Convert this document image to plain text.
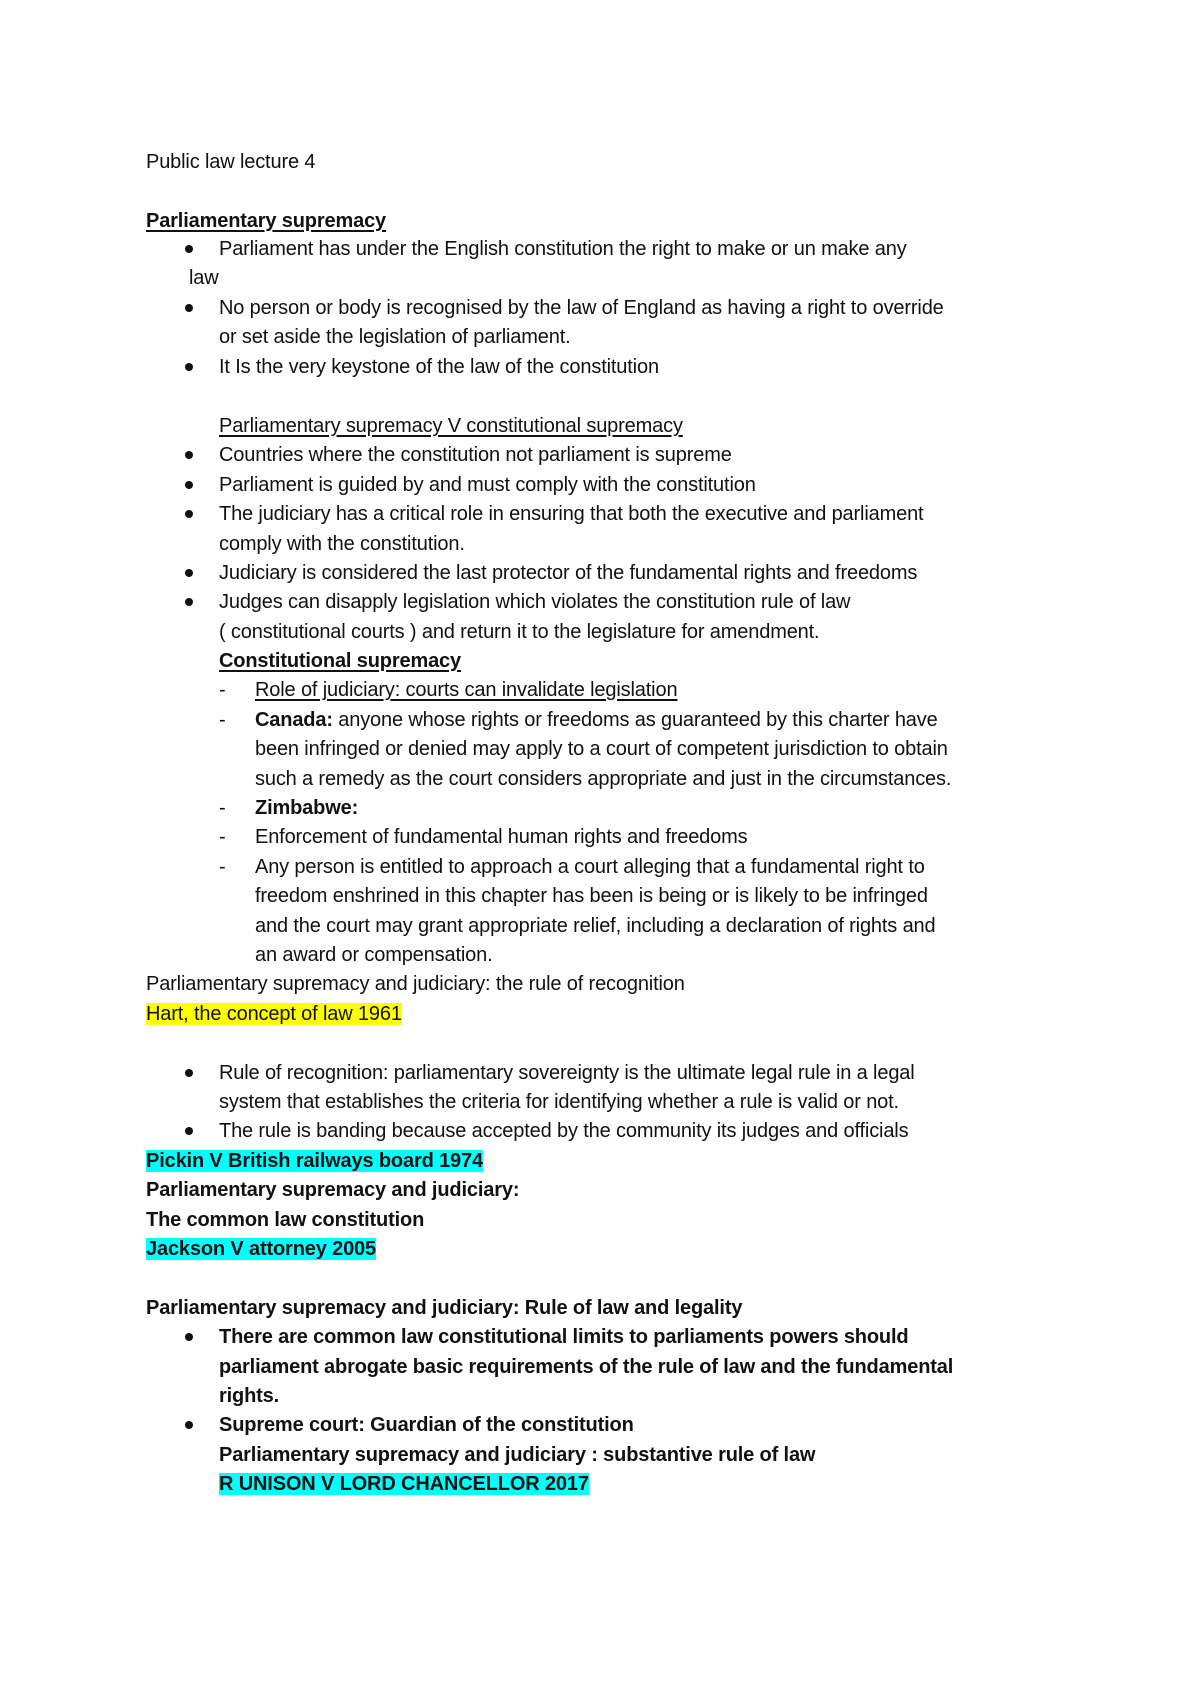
Public law lecture 4
Parliamentary supremacy
Parliament has under the English constitution the right to make or un make any
law
No person or body is recognised by the law of England as having a right to override
or set aside the legislation of parliament.
It Is the very keystone of the law of the constitution
Parliamentary supremacy V constitutional supremacy
Countries where the constitution not parliament is supreme
Parliament is guided by and must comply with the constitution
The judiciary has a critical role in ensuring that both the executive and parliament
comply with the constitution.
Judiciary is considered the last protector of the fundamental rights and freedoms
Judges can disapply legislation which violates the constitution rule of law
( constitutional courts ) and return it to the legislature for amendment.
Constitutional supremacy
- Role of judiciary: courts can invalidate legislation
- Canada: anyone whose rights or freedoms as guaranteed by this charter have
been infringed or denied may apply to a court of competent jurisdiction to obtain
such a remedy as the court considers appropriate and just in the circumstances.
- Zimbabwe:
- Enforcement of fundamental human rights and freedoms
- Any person is entitled to approach a court alleging that a fundamental right to
freedom enshrined in this chapter has been is being or is likely to be infringed
and the court may grant appropriate relief, including a declaration of rights and
an award or compensation.
Parliamentary supremacy and judiciary: the rule of recognition
Hart, the concept of law 1961
Rule of recognition: parliamentary sovereignty is the ultimate legal rule in a legal
system that establishes the criteria for identifying whether a rule is valid or not.
The rule is banding because accepted by the community its judges and officials
Pickin V British railways board 1974
Parliamentary supremacy and judiciary:
The common law constitution
Jackson V attorney 2005
Parliamentary supremacy and judiciary: Rule of law and legality
There are common law constitutional limits to parliaments powers should
parliament abrogate basic requirements of the rule of law and the fundamental
rights.
Supreme court: Guardian of the constitution
Parliamentary supremacy and judiciary : substantive rule of law
R UNISON V LORD CHANCELLOR 2017
